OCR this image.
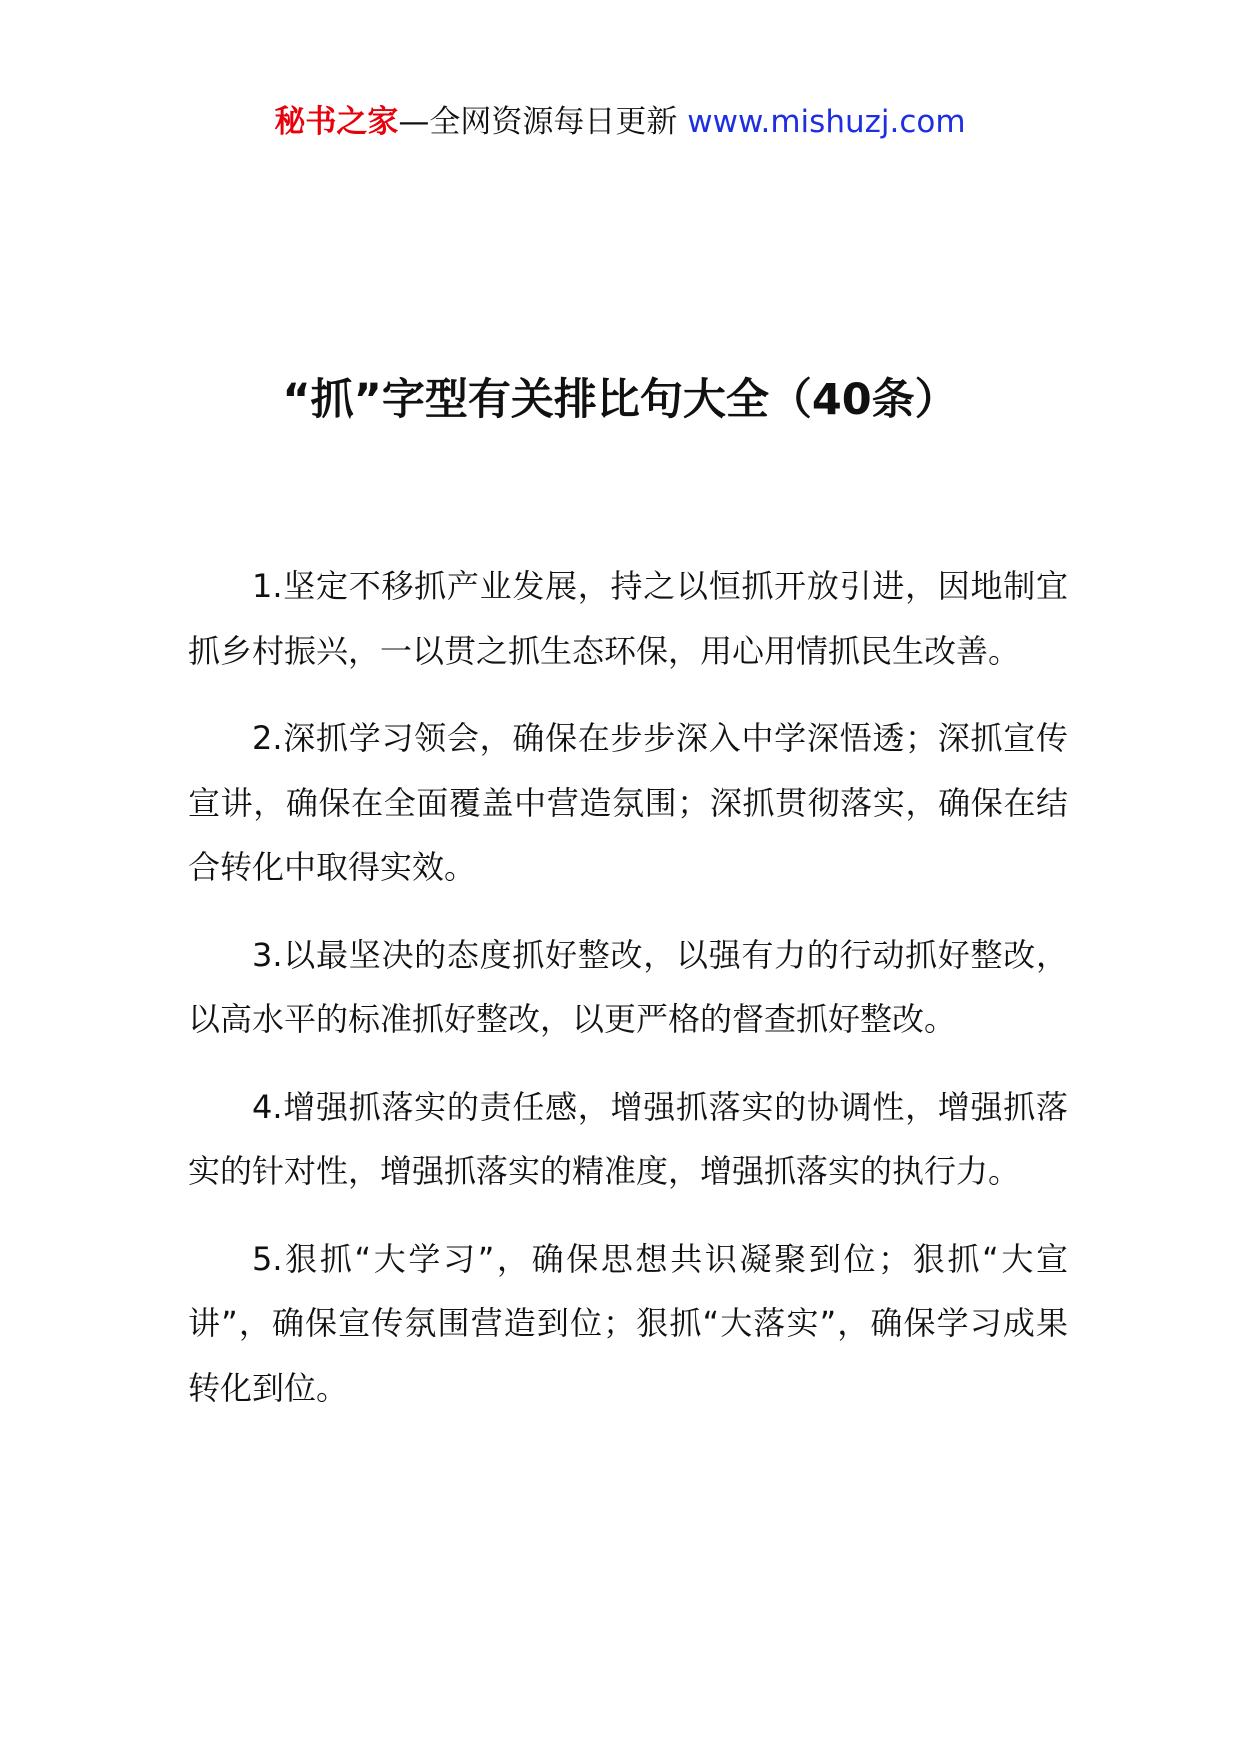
秘书之家—全网资源每日更新 www.mishuzj.com
“抓”字型有关排比句大全（40条）

1.坚定不移抓产业发展，持之以恒抓开放引进，因地制宜抓乡村振兴，一以贯之抓生态环保，用心用情抓民生改善。

2.深抓学习领会，确保在步步深入中学深悟透；深抓宣传宣讲，确保在全面覆盖中营造氛围；深抓贯彻落实，确保在结合转化中取得实效。

3.以最坚决的态度抓好整改，以强有力的行动抓好整改，以高水平的标准抓好整改，以更严格的督查抓好整改。

4.增强抓落实的责任感，增强抓落实的协调性，增强抓落实的针对性，增强抓落实的精准度，增强抓落实的执行力。

5.狠抓“大学习”，确保思想共识凝聚到位；狠抓“大宣讲”，确保宣传氛围营造到位；狠抓“大落实”，确保学习成果转化到位。
